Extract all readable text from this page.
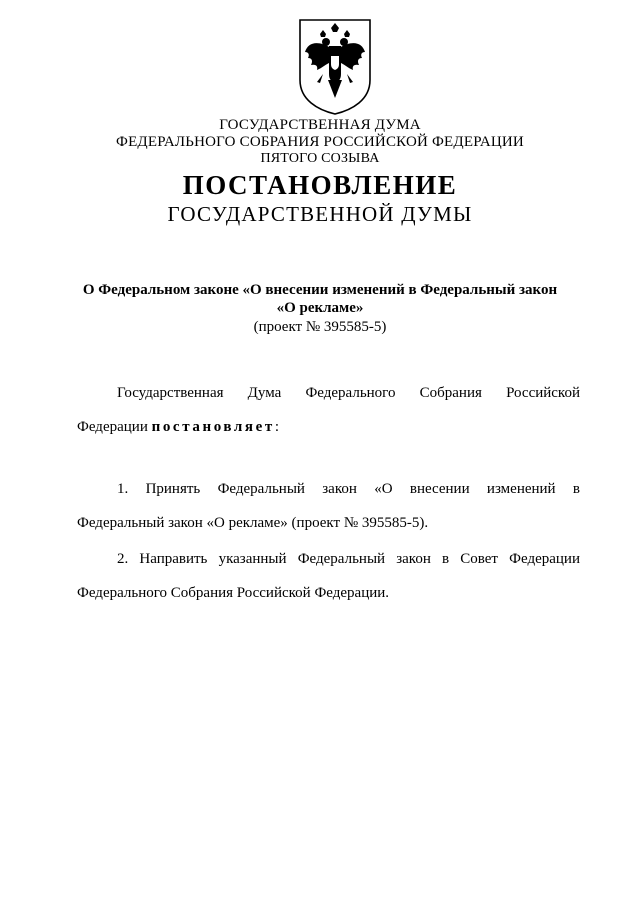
ГОСУДАРСТВЕННАЯ ДУМА
ФЕДЕРАЛЬНОГО СОБРАНИЯ РОССИЙСКОЙ ФЕДЕРАЦИИ
ПЯТОГО СОЗЫВА
ПОСТАНОВЛЕНИЕ
ГОСУДАРСТВЕННОЙ ДУМЫ
О Федеральном законе «О внесении изменений в Федеральный закон
«О рекламе»
(проект № 395585-5)
Государственная Дума Федерального Собрания Российской
Федерации постановляет:
1. Принять Федеральный закон «О внесении изменений в
Федеральный закон «О рекламе» (проект № 395585-5).
2. Направить указанный Федеральный закон в Совет Федерации
Федерального Собрания Российской Федерации.
